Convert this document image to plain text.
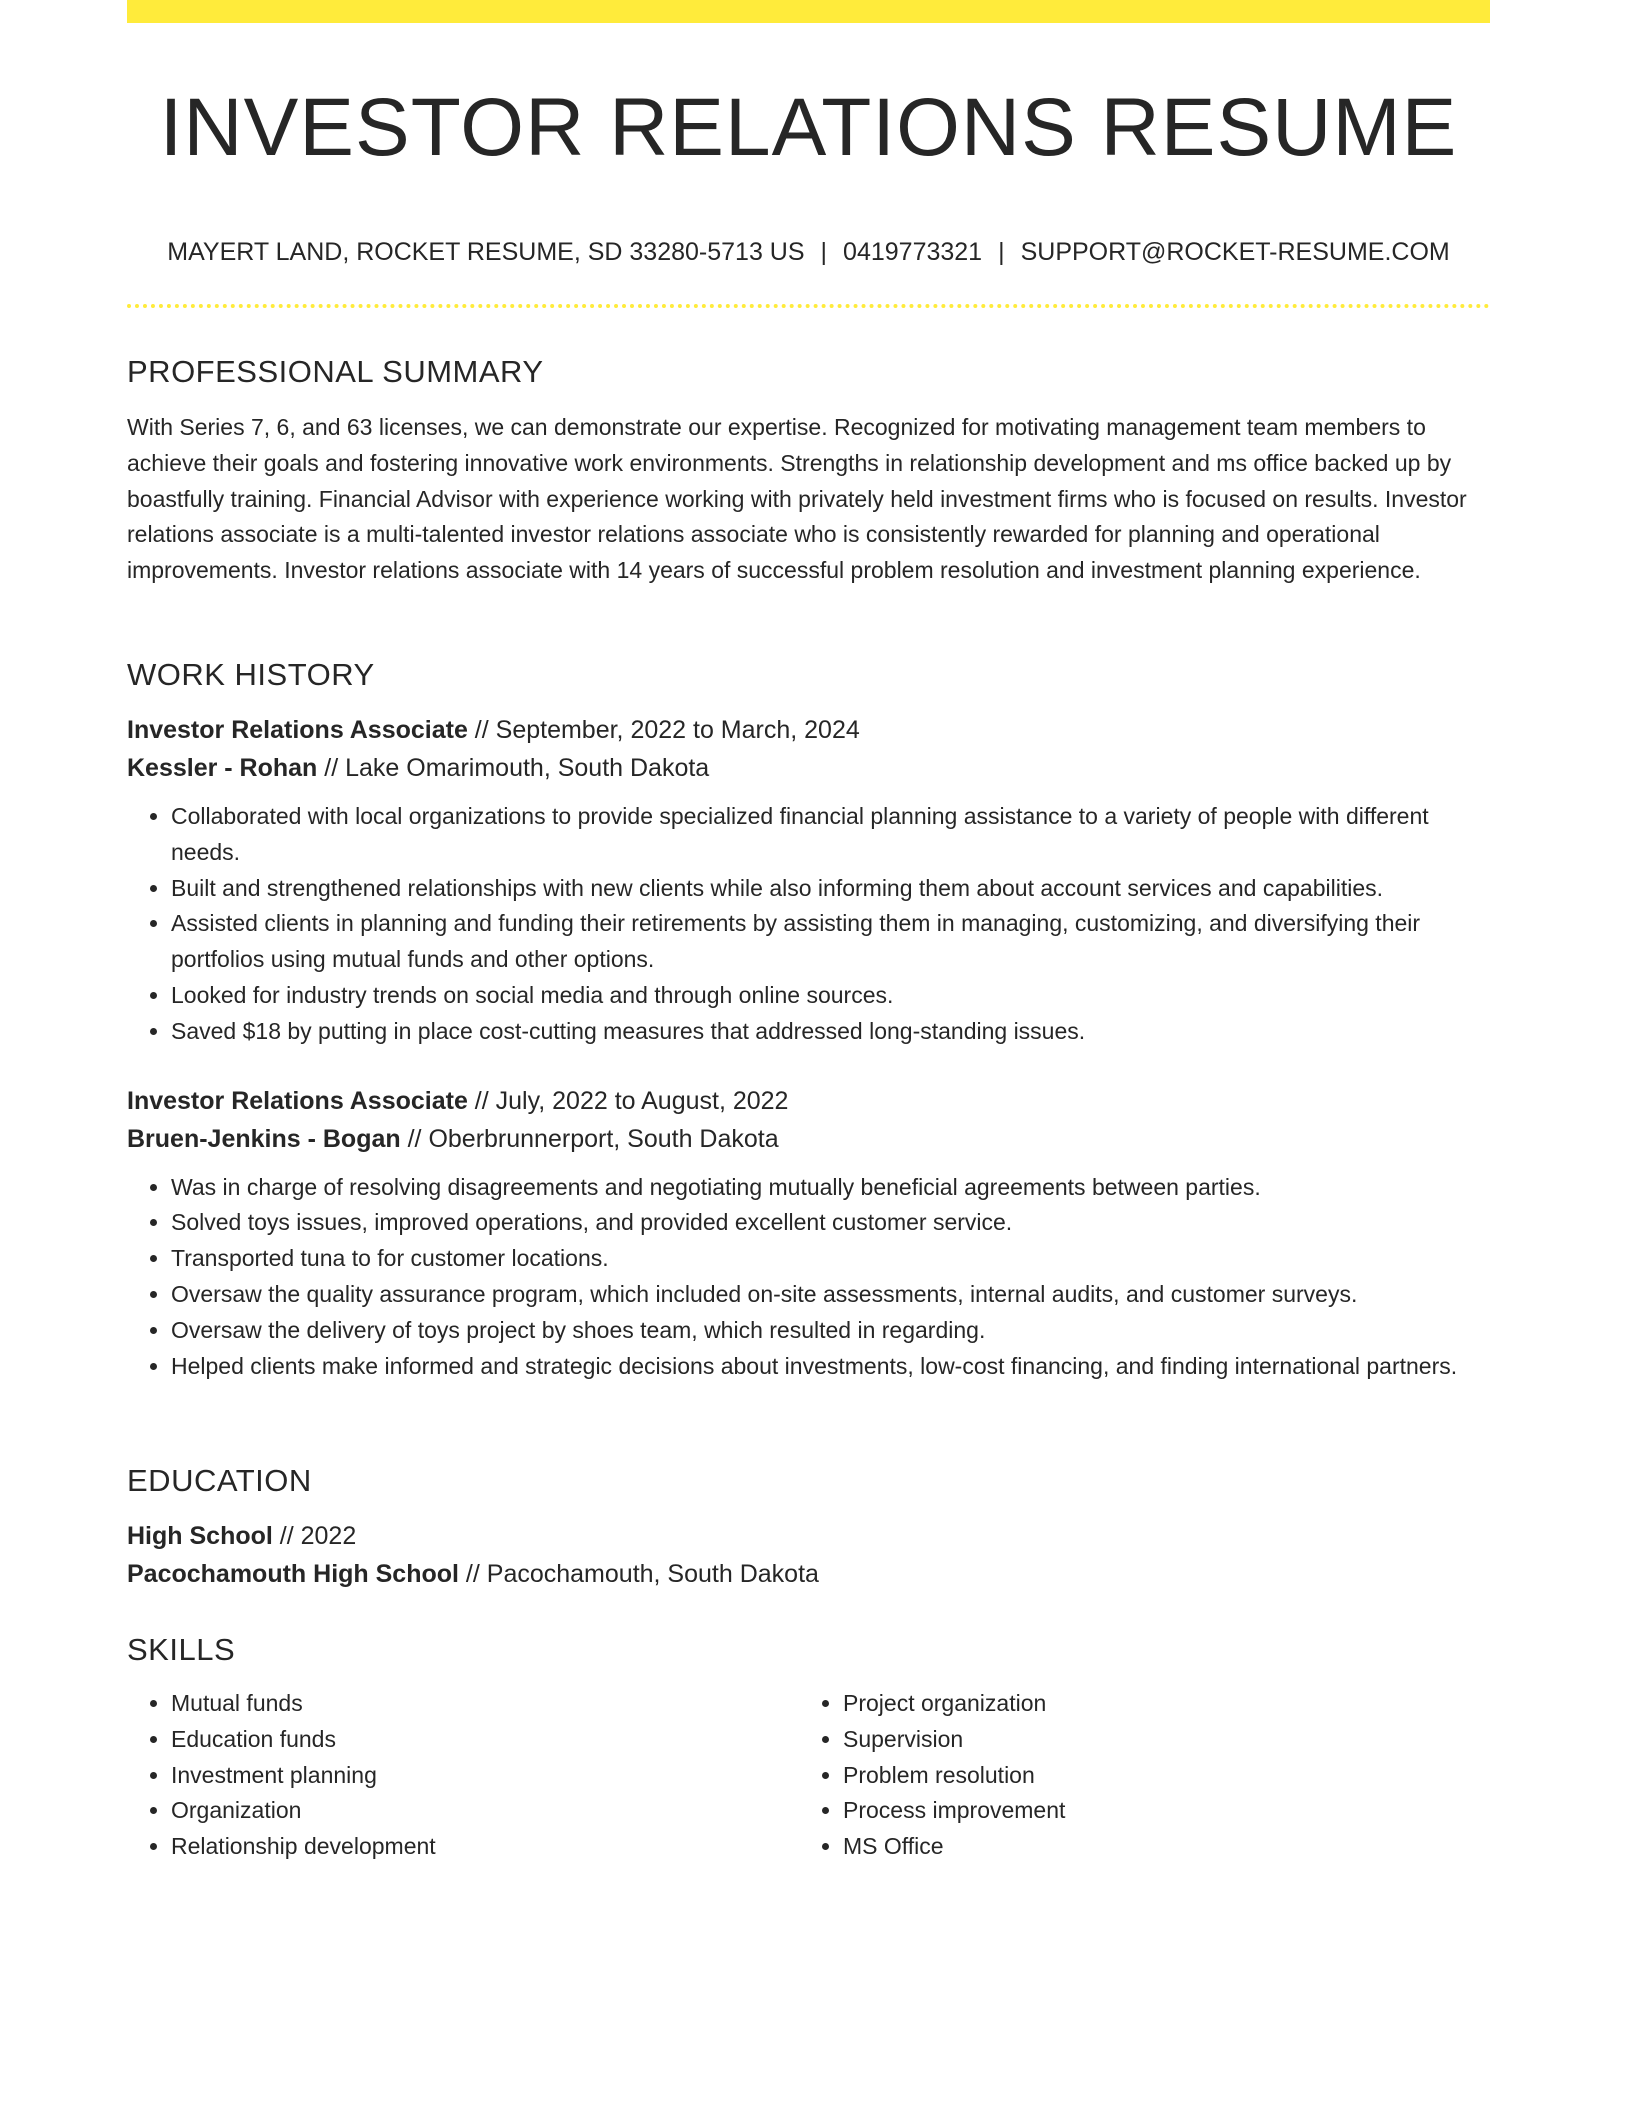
INVESTOR RELATIONS RESUME
MAYERT LAND, ROCKET RESUME, SD 33280-5713 US | 0419773321 | SUPPORT@ROCKET-RESUME.COM
PROFESSIONAL SUMMARY

With Series 7, 6, and 63 licenses, we can demonstrate our expertise. Recognized for motivating management team members to achieve their goals and fostering innovative work environments. Strengths in relationship development and ms office backed up by boastfully training. Financial Advisor with experience working with privately held investment firms who is focused on results. Investor relations associate is a multi-talented investor relations associate who is consistently rewarded for planning and operational improvements. Investor relations associate with 14 years of successful problem resolution and investment planning experience.

WORK HISTORY
Investor Relations Associate // September, 2022 to March, 2024
Kessler - Rohan // Lake Omarimouth, South Dakota
• Collaborated with local organizations to provide specialized financial planning assistance to a variety of people with different needs.
• Built and strengthened relationships with new clients while also informing them about account services and capabilities.
• Assisted clients in planning and funding their retirements by assisting them in managing, customizing, and diversifying their portfolios using mutual funds and other options.
• Looked for industry trends on social media and through online sources.
• Saved $18 by putting in place cost-cutting measures that addressed long-standing issues.
Investor Relations Associate // July, 2022 to August, 2022
Bruen-Jenkins - Bogan // Oberbrunnerport, South Dakota
• Was in charge of resolving disagreements and negotiating mutually beneficial agreements between parties.
• Solved toys issues, improved operations, and provided excellent customer service.
• Transported tuna to for customer locations.
• Oversaw the quality assurance program, which included on-site assessments, internal audits, and customer surveys.
• Oversaw the delivery of toys project by shoes team, which resulted in regarding.
• Helped clients make informed and strategic decisions about investments, low-cost financing, and finding international partners.
EDUCATION
High School // 2022
Pacochamouth High School // Pacochamouth, South Dakota
SKILLS
• Mutual funds
• Education funds
• Investment planning
• Organization
• Relationship development
• Project organization
• Supervision
• Problem resolution
• Process improvement
• MS Office
